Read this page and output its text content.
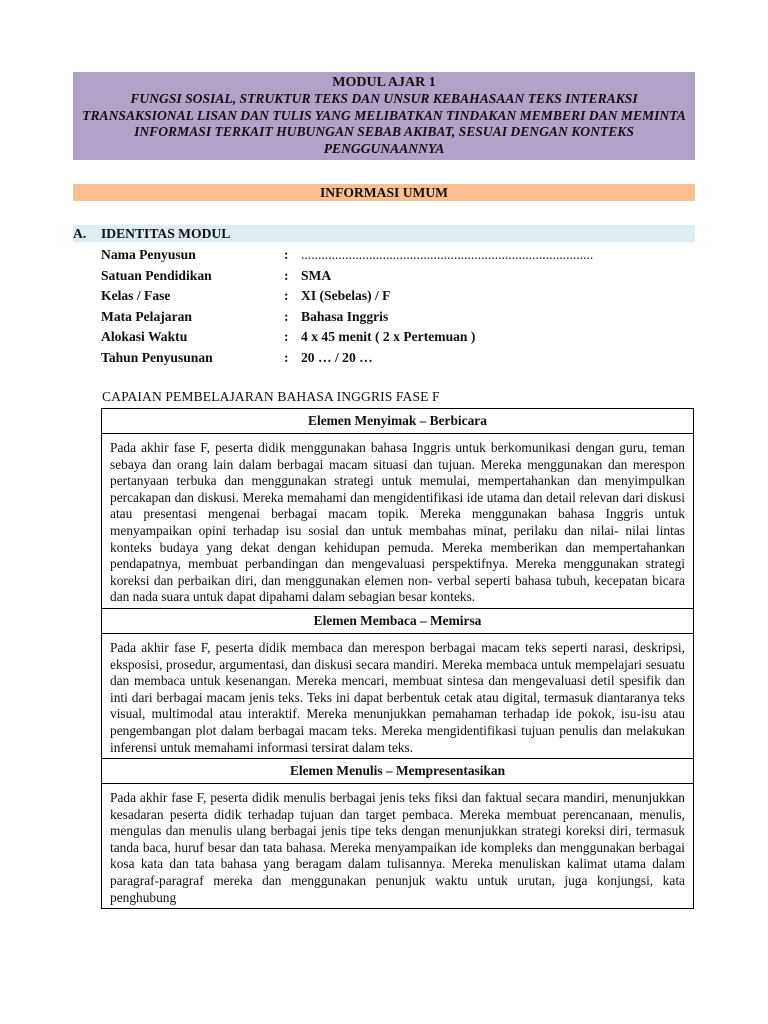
MODUL AJAR 1
FUNGSI SOSIAL, STRUKTUR TEKS DAN UNSUR KEBAHASAAN TEKS INTERAKSI TRANSAKSIONAL LISAN DAN TULIS YANG MELIBATKAN TINDAKAN MEMBERI DAN MEMINTA INFORMASI TERKAIT HUBUNGAN SEBAB AKIBAT, SESUAI DENGAN KONTEKS PENGGUNAANNYA
INFORMASI UMUM
A. IDENTITAS MODUL
Nama Penyusun	: ......................................................................................
Satuan Pendidikan	: SMA
Kelas / Fase	: XI (Sebelas) / F
Mata Pelajaran	: Bahasa Inggris
Alokasi Waktu	: 4 x 45 menit ( 2 x Pertemuan )
Tahun Penyusunan	: 20 … / 20 …
CAPAIAN PEMBELAJARAN BAHASA INGGRIS FASE F
Elemen Menyimak – Berbicara
Pada akhir fase F, peserta didik menggunakan bahasa Inggris untuk berkomunikasi dengan guru, teman sebaya dan orang lain dalam berbagai macam situasi dan tujuan. Mereka menggunakan dan merespon pertanyaan terbuka dan menggunakan strategi untuk memulai, mempertahankan dan menyimpulkan percakapan dan diskusi. Mereka memahami dan mengidentifikasi ide utama dan detail relevan dari diskusi atau presentasi mengenai berbagai macam topik. Mereka menggunakan bahasa Inggris untuk menyampaikan opini terhadap isu sosial dan untuk membahas minat, perilaku dan nilai- nilai lintas konteks budaya yang dekat dengan kehidupan pemuda. Mereka memberikan dan mempertahankan pendapatnya, membuat perbandingan dan mengevaluasi perspektifnya. Mereka menggunakan strategi koreksi dan perbaikan diri, dan menggunakan elemen non- verbal seperti bahasa tubuh, kecepatan bicara dan nada suara untuk dapat dipahami dalam sebagian besar konteks.
Elemen Membaca – Memirsa
Pada akhir fase F, peserta didik membaca dan merespon berbagai macam teks seperti narasi, deskripsi, eksposisi, prosedur, argumentasi, dan diskusi secara mandiri. Mereka membaca untuk mempelajari sesuatu dan membaca untuk kesenangan. Mereka mencari, membuat sintesa dan mengevaluasi detil spesifik dan inti dari berbagai macam jenis teks. Teks ini dapat berbentuk cetak atau digital, termasuk diantaranya teks visual, multimodal atau interaktif. Mereka menunjukkan pemahaman terhadap ide pokok, isu-isu atau pengembangan plot dalam berbagai macam teks. Mereka mengidentifikasi tujuan penulis dan melakukan inferensi untuk memahami informasi tersirat dalam teks.
Elemen Menulis – Mempresentasikan
Pada akhir fase F, peserta didik menulis berbagai jenis teks fiksi dan faktual secara mandiri, menunjukkan kesadaran peserta didik terhadap tujuan dan target pembaca. Mereka membuat perencanaan, menulis, mengulas dan menulis ulang berbagai jenis tipe teks dengan menunjukkan strategi koreksi diri, termasuk tanda baca, huruf besar dan tata bahasa. Mereka menyampaikan ide kompleks dan menggunakan berbagai kosa kata dan tata bahasa yang beragam dalam tulisannya. Mereka menuliskan kalimat utama dalam paragraf-paragraf mereka dan menggunakan penunjuk waktu untuk urutan, juga konjungsi, kata penghubung
